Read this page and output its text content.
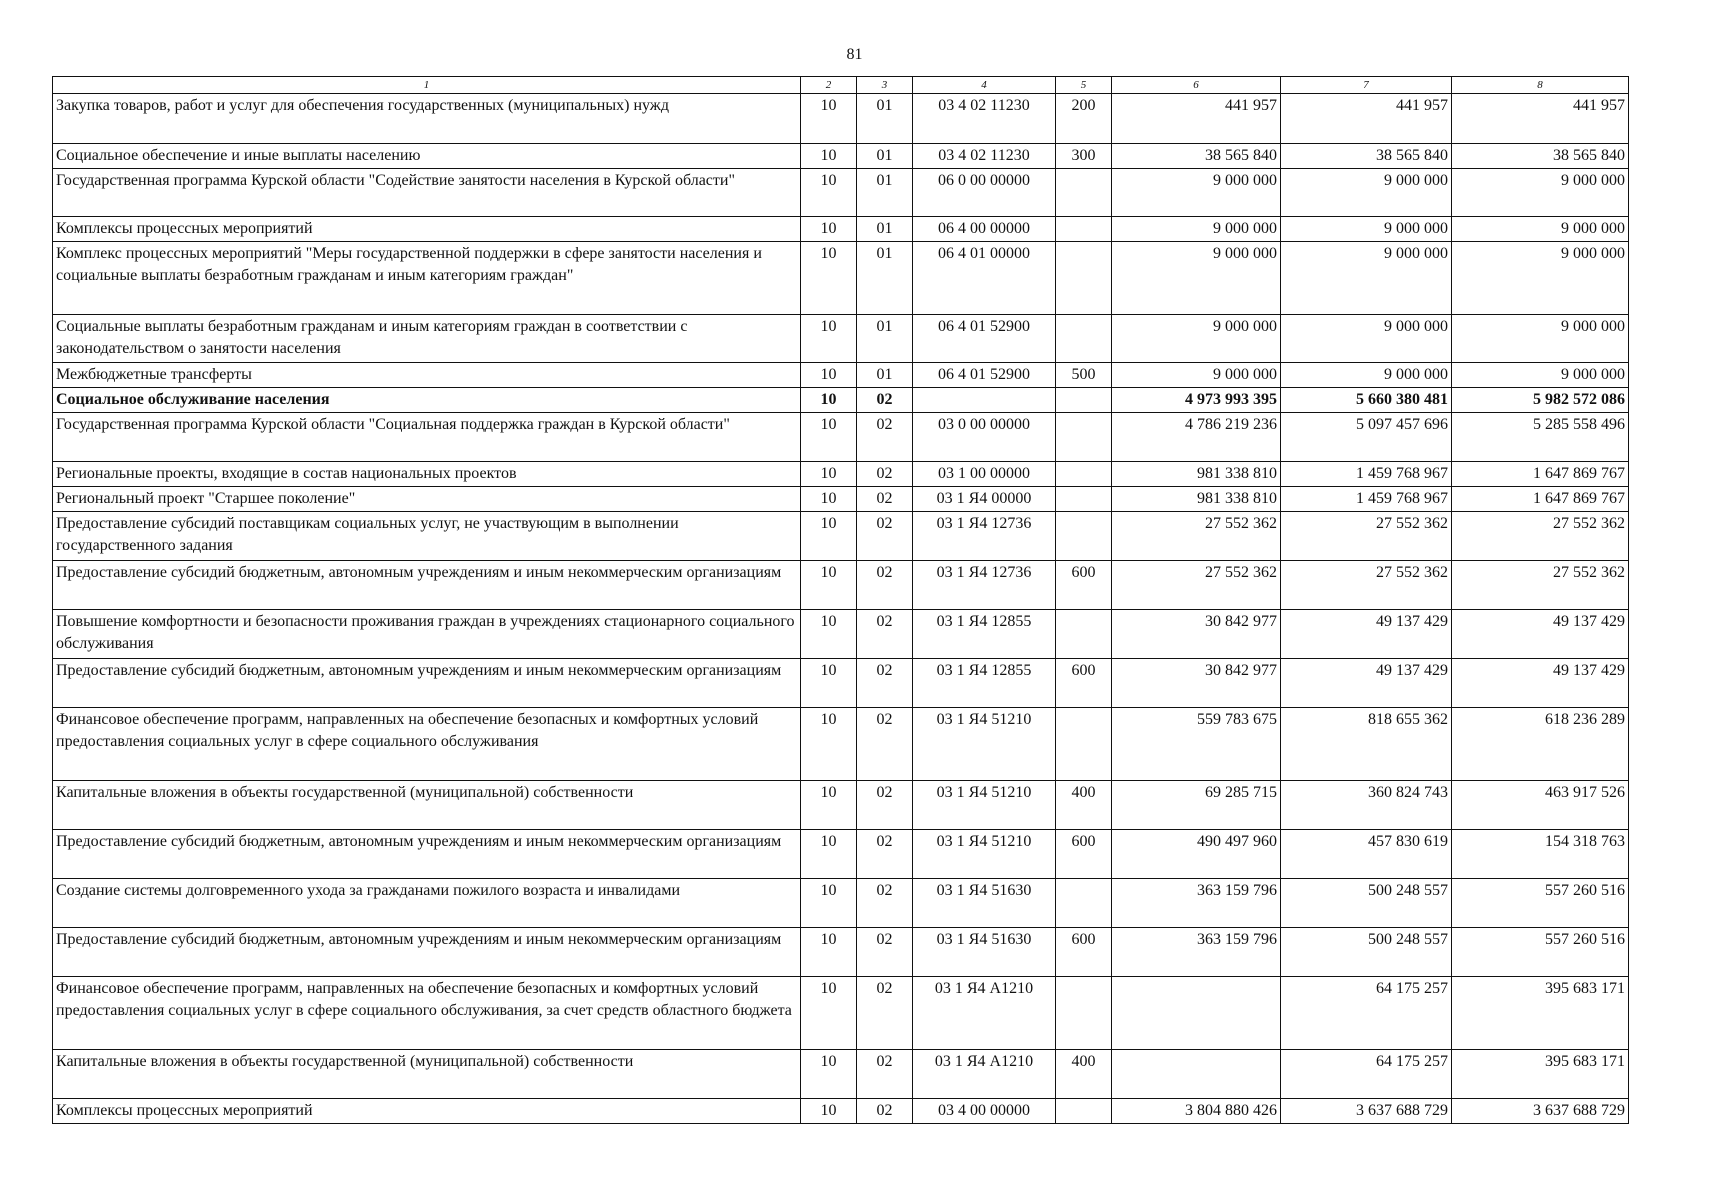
81
1	2	3	4	5	6	7	8
Закупка товаров, работ и услуг для обеспечения государственных (муниципальных) нужд	10	01	03 4 02 11230	200	441 957	441 957	441 957
Социальное обеспечение и иные выплаты населению	10	01	03 4 02 11230	300	38 565 840	38 565 840	38 565 840
Государственная программа Курской области "Содействие занятости населения в Курской области"	10	01	06 0 00 00000		9 000 000	9 000 000	9 000 000
Комплексы процессных мероприятий	10	01	06 4 00 00000		9 000 000	9 000 000	9 000 000
Комплекс процессных мероприятий "Меры государственной поддержки в сфере занятости населения и социальные выплаты безработным гражданам и иным категориям граждан"	10	01	06 4 01 00000		9 000 000	9 000 000	9 000 000
Социальные выплаты безработным гражданам и иным категориям граждан в соответствии с законодательством о занятости населения	10	01	06 4 01 52900		9 000 000	9 000 000	9 000 000
Межбюджетные трансферты	10	01	06 4 01 52900	500	9 000 000	9 000 000	9 000 000
Социальное обслуживание населения	10	02			4 973 993 395	5 660 380 481	5 982 572 086
Государственная программа Курской области "Социальная поддержка граждан в Курской области"	10	02	03 0 00 00000		4 786 219 236	5 097 457 696	5 285 558 496
Региональные проекты, входящие в состав национальных проектов	10	02	03 1 00 00000		981 338 810	1 459 768 967	1 647 869 767
Региональный проект "Старшее поколение"	10	02	03 1 Я4 00000		981 338 810	1 459 768 967	1 647 869 767
Предоставление субсидий поставщикам социальных услуг, не участвующим в выполнении государственного задания	10	02	03 1 Я4 12736		27 552 362	27 552 362	27 552 362
Предоставление субсидий бюджетным, автономным учреждениям и иным некоммерческим организациям	10	02	03 1 Я4 12736	600	27 552 362	27 552 362	27 552 362
Повышение комфортности и безопасности проживания граждан в учреждениях стационарного социального обслуживания	10	02	03 1 Я4 12855		30 842 977	49 137 429	49 137 429
Предоставление субсидий бюджетным, автономным учреждениям и иным некоммерческим организациям	10	02	03 1 Я4 12855	600	30 842 977	49 137 429	49 137 429
Финансовое обеспечение программ, направленных на обеспечение безопасных и комфортных условий предоставления социальных услуг в сфере социального обслуживания	10	02	03 1 Я4 51210		559 783 675	818 655 362	618 236 289
Капитальные вложения в объекты государственной (муниципальной) собственности	10	02	03 1 Я4 51210	400	69 285 715	360 824 743	463 917 526
Предоставление субсидий бюджетным, автономным учреждениям и иным некоммерческим организациям	10	02	03 1 Я4 51210	600	490 497 960	457 830 619	154 318 763
Создание системы долговременного ухода за гражданами пожилого возраста и инвалидами	10	02	03 1 Я4 51630		363 159 796	500 248 557	557 260 516
Предоставление субсидий бюджетным, автономным учреждениям и иным некоммерческим организациям	10	02	03 1 Я4 51630	600	363 159 796	500 248 557	557 260 516
Финансовое обеспечение программ, направленных на обеспечение безопасных и комфортных условий предоставления социальных услуг в сфере социального обслуживания, за счет средств областного бюджета	10	02	03 1 Я4 А1210			64 175 257	395 683 171
Капитальные вложения в объекты государственной (муниципальной) собственности	10	02	03 1 Я4 А1210	400		64 175 257	395 683 171
Комплексы процессных мероприятий	10	02	03 4 00 00000		3 804 880 426	3 637 688 729	3 637 688 729
